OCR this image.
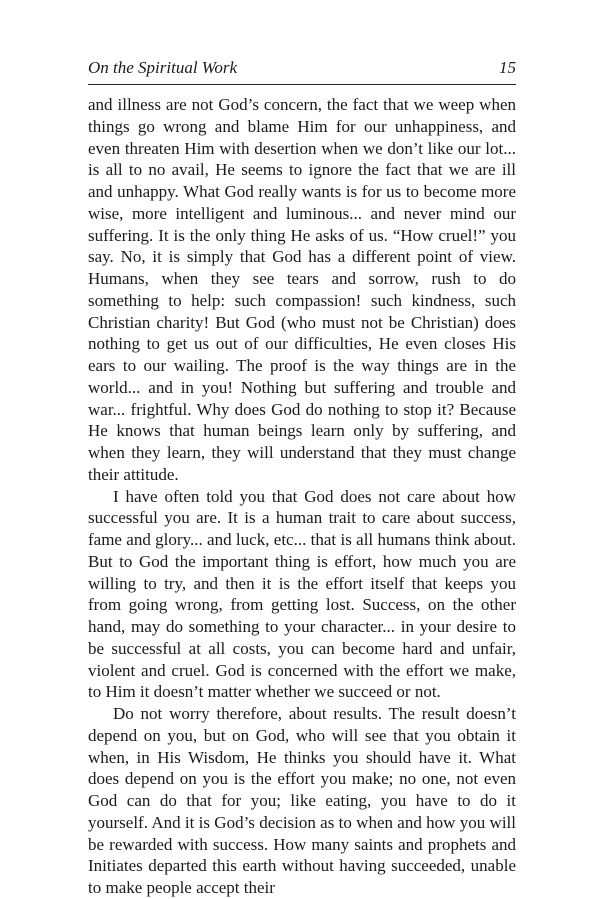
On the Spiritual Work	15

and illness are not God’s concern, the fact that we weep when things go wrong and blame Him for our unhappiness, and even threaten Him with desertion when we don’t like our lot... is all to no avail, He seems to ignore the fact that we are ill and unhappy. What God really wants is for us to become more wise, more intelligent and luminous... and never mind our suffering. It is the only thing He asks of us. “How cruel!” you say. No, it is simply that God has a different point of view. Humans, when they see tears and sorrow, rush to do something to help: such compassion! such kindness, such Christian charity! But God (who must not be Christian) does nothing to get us out of our difficulties, He even closes His ears to our wailing. The proof is the way things are in the world... and in you! Nothing but suffering and trouble and war... frightful. Why does God do nothing to stop it? Because He knows that human beings learn only by suffering, and when they learn, they will understand that they must change their attitude.

I have often told you that God does not care about how successful you are. It is a human trait to care about success, fame and glory... and luck, etc... that is all humans think about. But to God the important thing is effort, how much you are willing to try, and then it is the effort itself that keeps you from going wrong, from getting lost. Success, on the other hand, may do something to your character... in your desire to be successful at all costs, you can become hard and unfair, violent and cruel. God is concerned with the effort we make, to Him it doesn’t matter whether we succeed or not.

Do not worry therefore, about results. The result doesn’t depend on you, but on God, who will see that you obtain it when, in His Wisdom, He thinks you should have it. What does depend on you is the effort you make; no one, not even God can do that for you; like eating, you have to do it yourself. And it is God’s decision as to when and how you will be rewarded with success. How many saints and prophets and Initiates departed this earth without having succeeded, unable to make people accept their
